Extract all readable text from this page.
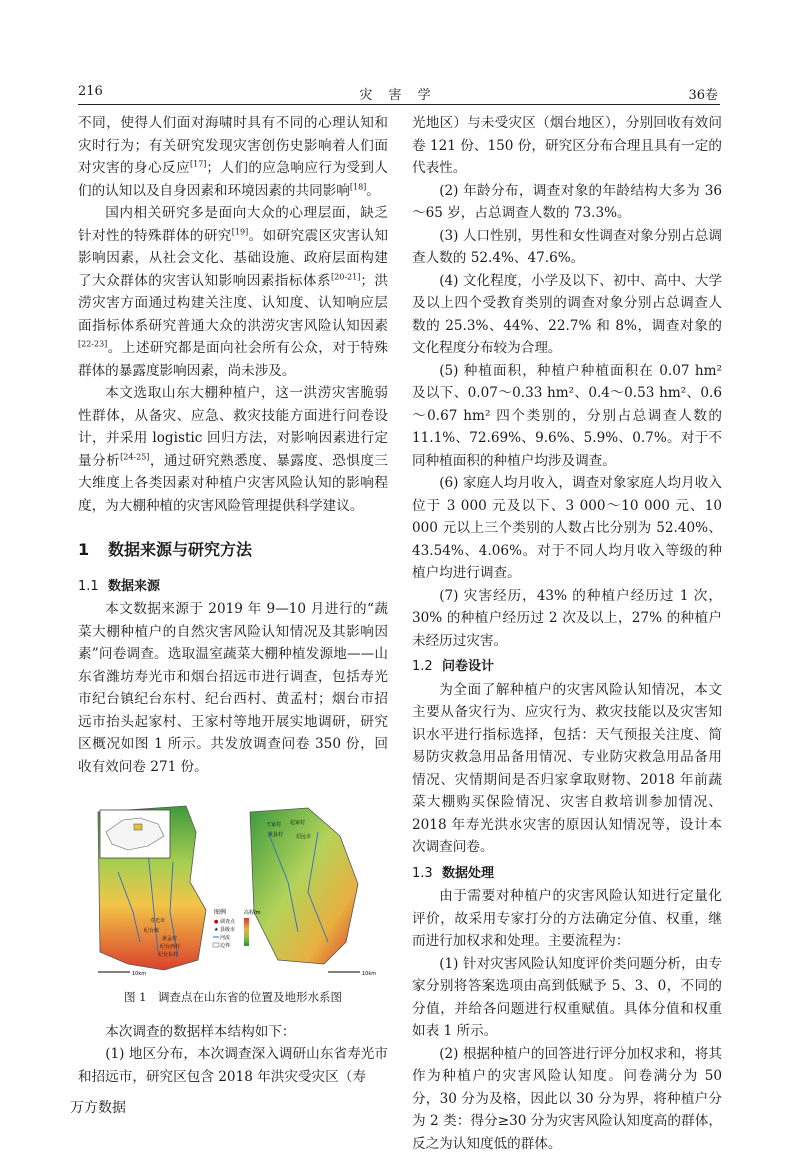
216	灾 害 学	36卷

不同，使得人们面对海啸时具有不同的心理认知和灾时行为；有关研究发现灾害创伤史影响着人们面对灾害的身心反应[17]；人们的应急响应行为受到人们的认知以及自身因素和环境因素的共同影响[18]。

国内相关研究多是面向大众的心理层面，缺乏针对性的特殊群体的研究[19]。如研究震区灾害认知影响因素，从社会文化、基础设施、政府层面构建了大众群体的灾害认知影响因素指标体系[20-21]；洪涝灾害方面通过构建关注度、认知度、认知响应层面指标体系研究普通大众的洪涝灾害风险认知因素[22-23]。上述研究都是面向社会所有公众，对于特殊群体的暴露度影响因素，尚未涉及。

本文选取山东大棚种植户，这一洪涝灾害脆弱性群体，从备灾、应急、救灾技能方面进行问卷设计，并采用 logistic 回归方法，对影响因素进行定量分析[24-25]，通过研究熟悉度、暴露度、恐惧度三大维度上各类因素对种植户灾害风险认知的影响程度，为大棚种植的灾害风险管理提供科学建议。

1 数据来源与研究方法
1.1 数据来源

本文数据来源于 2019 年 9—10 月进行的“蔬菜大棚种植户的自然灾害风险认知情况及其影响因素”问卷调查。选取温室蔬菜大棚种植发源地——山东省潍坊寿光市和烟台招远市进行调查，包括寿光市纪台镇纪台东村、纪台西村、黄孟村；烟台市招远市抬头起家村、王家村等地开展实地调研，研究区概况如图 1 所示。共发放调查问卷 350 份，回收有效问卷 271 份。

图例
● 调查点
★ 县级市
河流
边界
高程/m
寿光市
纪台镇
黄孟村
纪台西村
纪台东村
招远市
王家村 起家村
黄县村
10km	10km
图 1　调查点在山东省的位置及地形水系图

本次调查的数据样本结构如下：

(1) 地区分布，本次调查深入调研山东省寿光市和招远市，研究区包含 2018 年洪灾受灾区（寿

光地区）与未受灾区（烟台地区），分别回收有效问卷 121 份、150 份，研究区分布合理且具有一定的代表性。

(2) 年龄分布，调查对象的年龄结构大多为 36 ～65 岁，占总调查人数的 73.3%。

(3) 人口性别，男性和女性调查对象分别占总调查人数的 52.4%、47.6%。

(4) 文化程度，小学及以下、初中、高中、大学及以上四个受教育类别的调查对象分别占总调查人数的 25.3%、44%、22.7% 和 8%，调查对象的文化程度分布较为合理。

(5) 种植面积，种植户种植面积在 0.07 hm² 及以下、0.07～0.33 hm²、0.4～0.53 hm²、0.6～0.67 hm² 四个类别的，分别占总调查人数的 11.1%、72.69%、9.6%、5.9%、0.7%。对于不同种植面积的种植户均涉及调查。

(6) 家庭人均月收入，调查对象家庭人均月收入位于 3 000 元及以下、3 000～10 000 元、10 000 元以上三个类别的人数占比分别为 52.40%、43.54%、4.06%。对于不同人均月收入等级的种植户均进行调查。

(7) 灾害经历，43% 的种植户经历过 1 次，30% 的种植户经历过 2 次及以上，27% 的种植户未经历过灾害。

1.2 问卷设计

为全面了解种植户的灾害风险认知情况，本文主要从备灾行为、应灾行为、救灾技能以及灾害知识水平进行指标选择，包括：天气预报关注度、简易防灾救急用品备用情况、专业防灾救急用品备用情况、灾情期间是否归家拿取财物、2018 年前蔬菜大棚购买保险情况、灾害自救培训参加情况、2018 年寿光洪水灾害的原因认知情况等，设计本次调查问卷。

1.3 数据处理

由于需要对种植户的灾害风险认知进行定量化评价，故采用专家打分的方法确定分值、权重，继而进行加权求和处理。主要流程为：

(1) 针对灾害风险认知度评价类问题分析，由专家分别将答案选项由高到低赋予 5、3、0，不同的分值，并给各问题进行权重赋值。具体分值和权重如表 1 所示。

(2) 根据种植户的回答进行评分加权求和，将其作为种植户的灾害风险认知度。问卷满分为 50 分，30 分为及格，因此以 30 分为界，将种植户分为 2 类：得分≥30 分为灾害风险认知度高的群体，反之为认知度低的群体。

万方数据
